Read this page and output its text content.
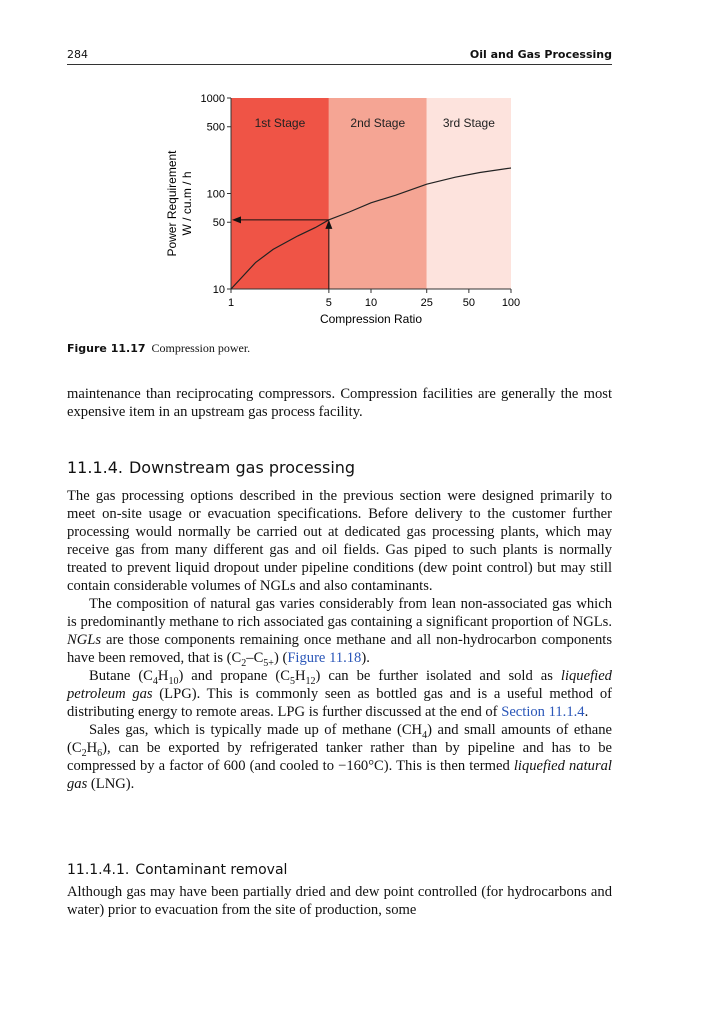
284	Oil and Gas Processing
1st Stage	2nd Stage	3rd Stage
10
50
100
500
1000
1	5	10	25	50 100
Compression Ratio
Power Requirement W / cu.m / h
Figure 11.17 Compression power.

maintenance than reciprocating compressors. Compression facilities are generally the most expensive item in an upstream gas process facility.

11.1.4. Downstream gas processing

The gas processing options described in the previous section were designed primarily to meet on-site usage or evacuation specifications. Before delivery to the customer further processing would normally be carried out at dedicated gas processing plants, which may receive gas from many different gas and oil fields. Gas piped to such plants is normally treated to prevent liquid dropout under pipeline conditions (dew point control) but may still contain considerable volumes of NGLs and also contaminants.

The composition of natural gas varies considerably from lean non-associated gas which is predominantly methane to rich associated gas containing a significant proportion of NGLs. NGLs are those components remaining once methane and all non-hydrocarbon components have been removed, that is $(C_2-C_{5+})$ (Figure 11.18).

Butane $(C_4H_{10})$ and propane $(C_5H_{12})$ can be further isolated and sold as liquefied petroleum gas (LPG). This is commonly seen as bottled gas and is a useful method of distributing energy to remote areas. LPG is further discussed at the end of Section 11.1.4.

Sales gas, which is typically made up of methane $(CH_4)$ and small amounts of ethane $(C_2H_6)$, can be exported by refrigerated tanker rather than by pipeline and has to be compressed by a factor of 600 (and cooled to −160°C). This is then termed liquefied natural gas (LNG).

11.1.4.1. Contaminant removal

Although gas may have been partially dried and dew point controlled (for hydrocarbons and water) prior to evacuation from the site of production, some
